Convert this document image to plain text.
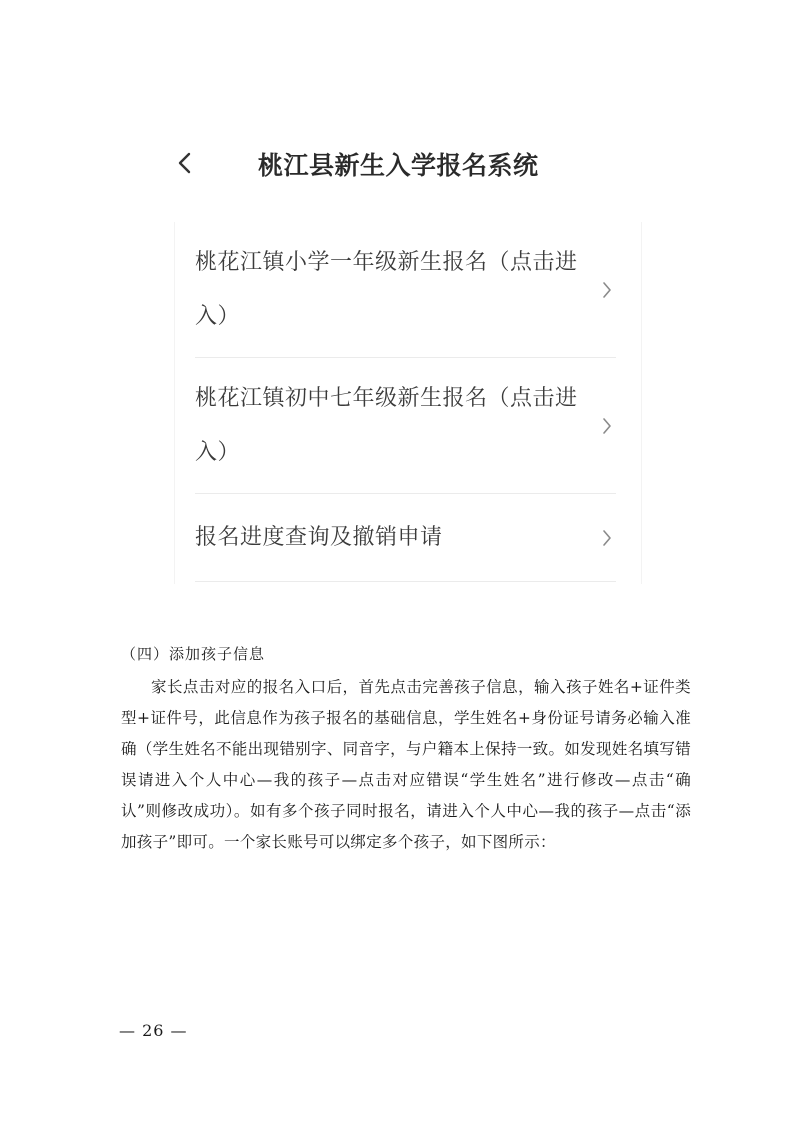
桃江县新生入学报名系统
桃花江镇小学一年级新生报名（点击进入）
桃花江镇初中七年级新生报名（点击进入）
报名进度查询及撤销申请

（四）添加孩子信息

家长点击对应的报名入口后，首先点击完善孩子信息，输入孩子姓名+证件类型+证件号，此信息作为孩子报名的基础信息，学生姓名+身份证号请务必输入准确（学生姓名不能出现错别字、同音字，与户籍本上保持一致。如发现姓名填写错误请进入个人中心—我的孩子—点击对应错误“学生姓名”进行修改—点击“确认”则修改成功）。如有多个孩子同时报名，请进入个人中心—我的孩子—点击“添加孩子”即可。一个家长账号可以绑定多个孩子，如下图所示：

— 26 —
